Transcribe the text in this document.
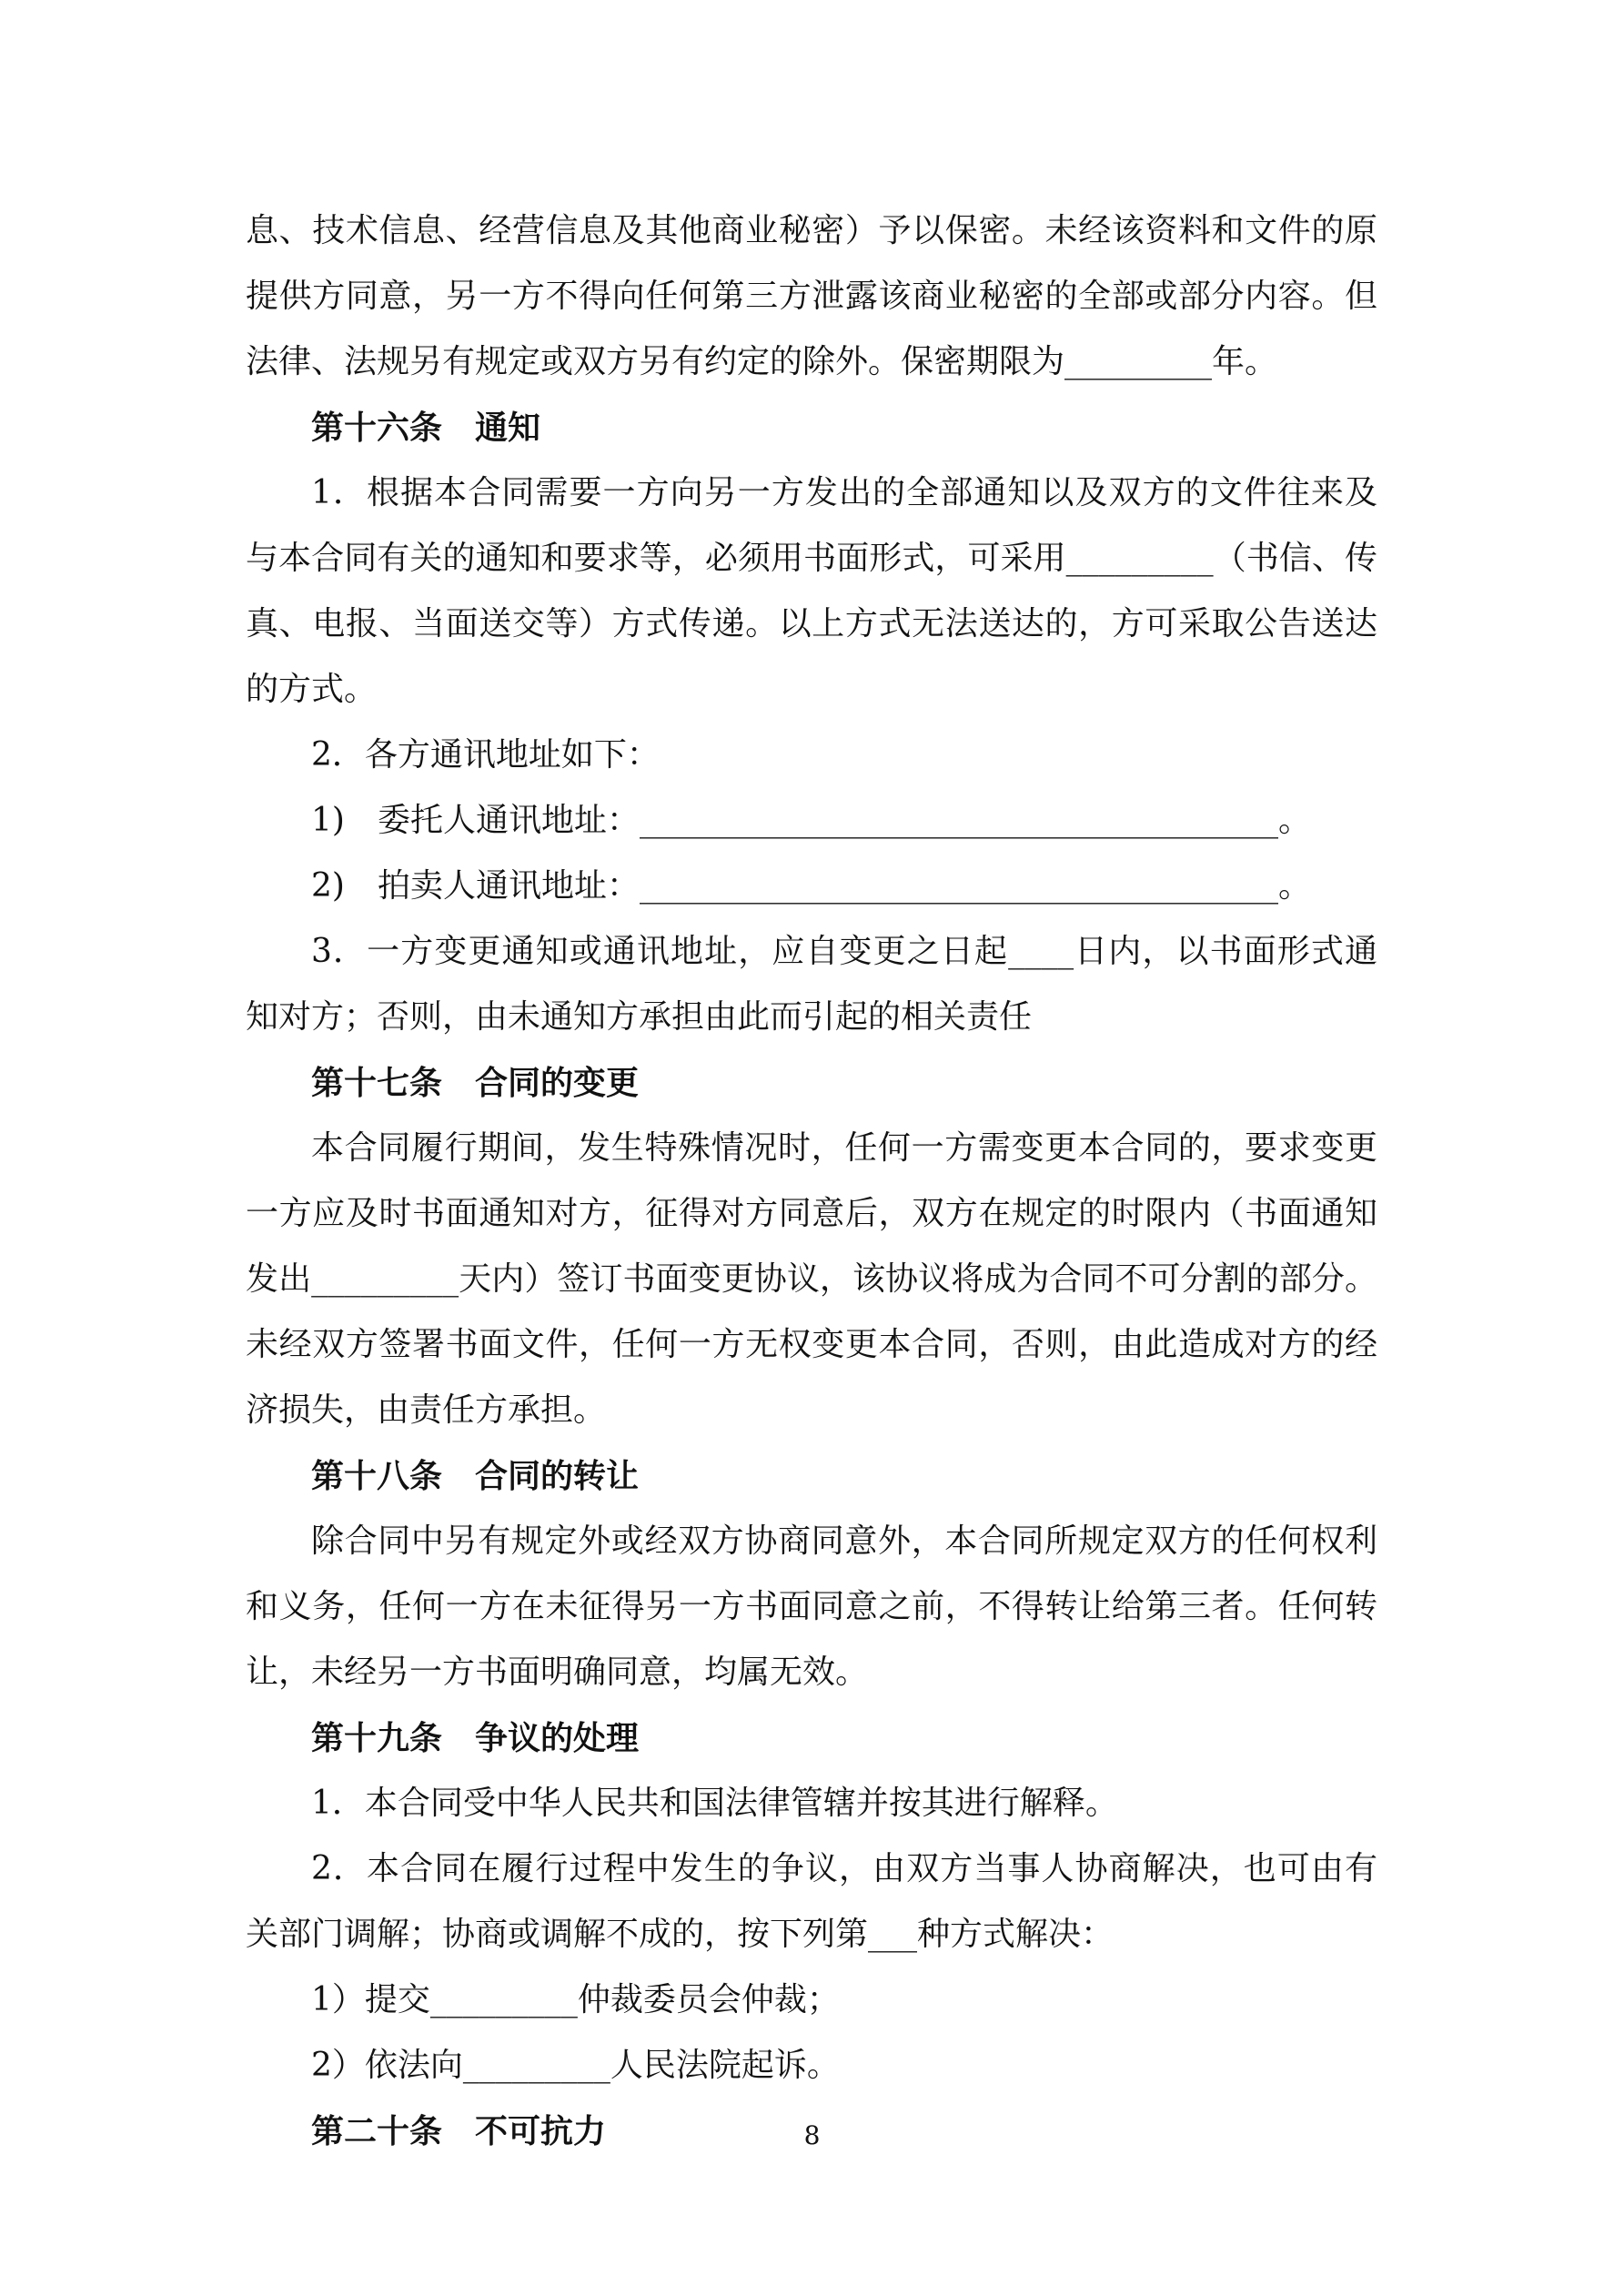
息、技术信息、经营信息及其他商业秘密）予以保密。未经该资料和文件的原提供方同意，另一方不得向任何第三方泄露该商业秘密的全部或部分内容。但法律、法规另有规定或双方另有约定的除外。保密期限为_________年。

第十六条　通知

1．根据本合同需要一方向另一方发出的全部通知以及双方的文件往来及与本合同有关的通知和要求等，必须用书面形式，可采用_________（书信、传真、电报、当面送交等）方式传递。以上方式无法送达的，方可采取公告送达的方式。

2．各方通讯地址如下：

1)　委托人通讯地址：_______________________________________。

2)　拍卖人通讯地址：_______________________________________。

3．一方变更通知或通讯地址，应自变更之日起____日内，以书面形式通知对方；否则，由未通知方承担由此而引起的相关责任

第十七条　合同的变更

本合同履行期间，发生特殊情况时，任何一方需变更本合同的，要求变更一方应及时书面通知对方，征得对方同意后，双方在规定的时限内（书面通知发出_________天内）签订书面变更协议，该协议将成为合同不可分割的部分。未经双方签署书面文件，任何一方无权变更本合同，否则，由此造成对方的经济损失，由责任方承担。

第十八条　合同的转让

除合同中另有规定外或经双方协商同意外，本合同所规定双方的任何权利和义务，任何一方在未征得另一方书面同意之前，不得转让给第三者。任何转让，未经另一方书面明确同意，均属无效。

第十九条　争议的处理

1．本合同受中华人民共和国法律管辖并按其进行解释。

2．本合同在履行过程中发生的争议，由双方当事人协商解决，也可由有关部门调解；协商或调解不成的，按下列第___种方式解决：

1）提交_________仲裁委员会仲裁；

2）依法向_________人民法院起诉。

第二十条　不可抗力	8
